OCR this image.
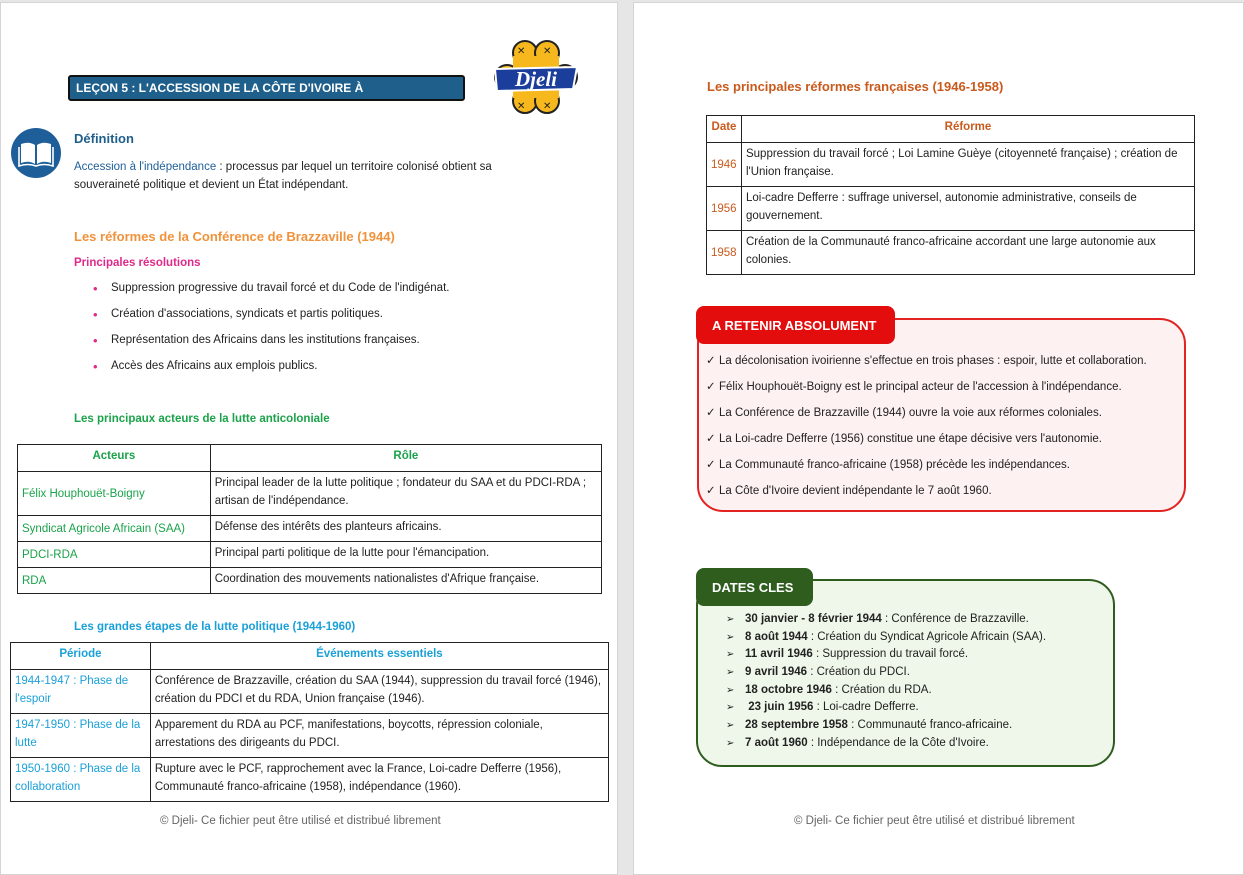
LEÇON 5 : L'ACCESSION DE LA CÔTE D'IVOIRE À L'INDÉPENDANCE
Djeli
✕ ✕
✕ ✕
Définition
Accession à l'indépendance : processus par lequel un territoire colonisé obtient sa
souveraineté politique et devient un État indépendant.
Les réformes de la Conférence de Brazzaville (1944)
Principales résolutions
• Suppression progressive du travail forcé et du Code de l'indigénat.
• Création d'associations, syndicats et partis politiques.
• Représentation des Africains dans les institutions françaises.
• Accès des Africains aux emplois publics.
Les principaux acteurs de la lutte anticoloniale
Acteurs	Rôle
Félix Houphouët-Boigny	Principal leader de la lutte politique ; fondateur du SAA et du PDCI-RDA ; artisan de l'indépendance.
Syndicat Agricole Africain (SAA)	Défense des intérêts des planteurs africains.
PDCI-RDA	Principal parti politique de la lutte pour l'émancipation.
RDA	Coordination des mouvements nationalistes d'Afrique française.
Les grandes étapes de la lutte politique (1944-1960)
Période	Événements essentiels
1944-1947 : Phase de l'espoir	Conférence de Brazzaville, création du SAA (1944), suppression du travail forcé (1946), création du PDCI et du RDA, Union française (1946).
1947-1950 : Phase de la lutte	Apparement du RDA au PCF, manifestations, boycotts, répression coloniale, arrestations des dirigeants du PDCI.
1950-1960 : Phase de la collaboration	Rupture avec le PCF, rapprochement avec la France, Loi-cadre Defferre (1956), Communauté franco-africaine (1958), indépendance (1960).
© Djeli- Ce fichier peut être utilisé et distribué librement
Les principales réformes françaises (1946-1958)
Date	Réforme
1946	Suppression du travail forcé ; Loi Lamine Guèye (citoyenneté française) ; création de l'Union française.
1956	Loi-cadre Defferre : suffrage universel, autonomie administrative, conseils de gouvernement.
1958	Création de la Communauté franco-africaine accordant une large autonomie aux colonies.
A RETENIR ABSOLUMENT
✓ La décolonisation ivoirienne s'effectue en trois phases : espoir, lutte et collaboration.
✓ Félix Houphouët-Boigny est le principal acteur de l'accession à l'indépendance.
✓ La Conférence de Brazzaville (1944) ouvre la voie aux réformes coloniales.
✓ La Loi-cadre Defferre (1956) constitue une étape décisive vers l'autonomie.
✓ La Communauté franco-africaine (1958) précède les indépendances.
✓ La Côte d'Ivoire devient indépendante le 7 août 1960.
DATES CLES
➢ 30 janvier - 8 février 1944 : Conférence de Brazzaville.
➢ 8 août 1944 : Création du Syndicat Agricole Africain (SAA).
➢ 11 avril 1946 : Suppression du travail forcé.
➢ 9 avril 1946 : Création du PDCI.
➢ 18 octobre 1946 : Création du RDA.
➢ 23 juin 1956 : Loi-cadre Defferre.
➢ 28 septembre 1958 : Communauté franco-africaine.
➢ 7 août 1960 : Indépendance de la Côte d'Ivoire.
© Djeli- Ce fichier peut être utilisé et distribué librement
